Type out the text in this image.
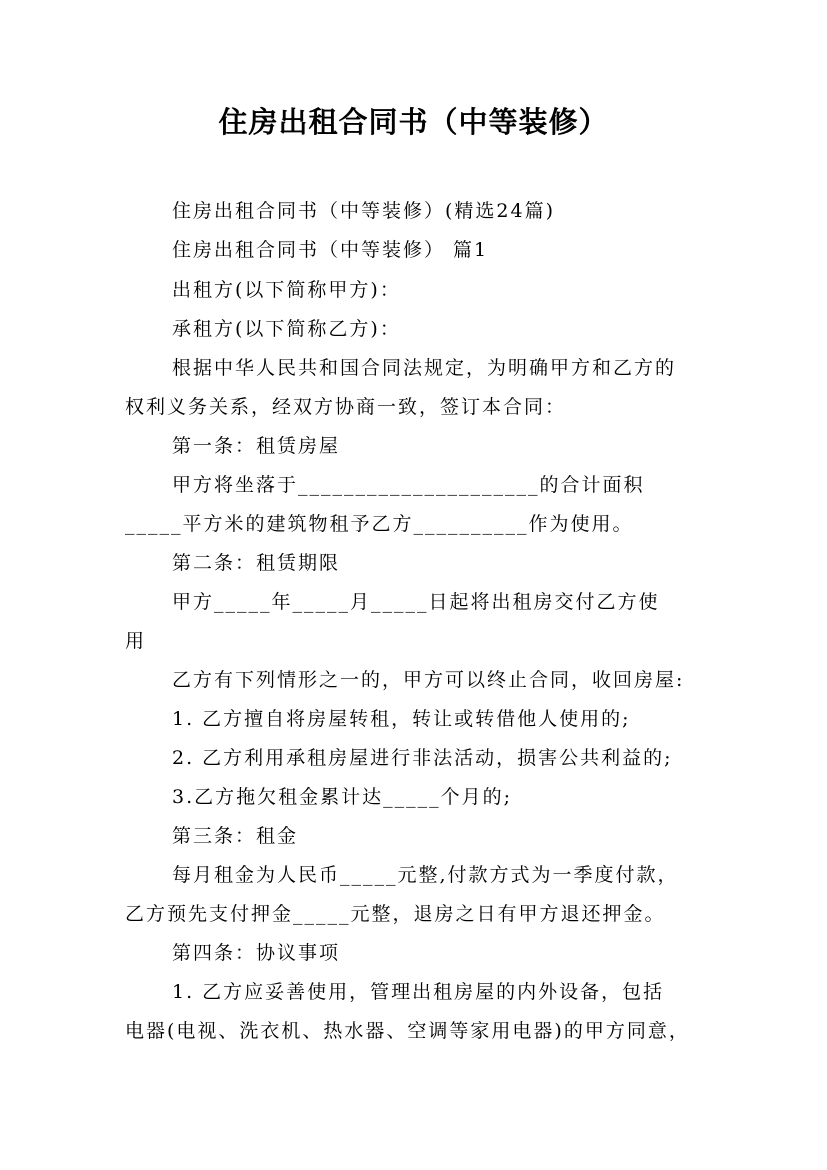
住房出租合同书（中等装修）
住房出租合同书（中等装修）(精选24篇)
住房出租合同书（中等装修） 篇1
出租方(以下简称甲方)：
承租方(以下简称乙方)：
根据中华人民共和国合同法规定，为明确甲方和乙方的
权利义务关系，经双方协商一致，签订本合同：
第一条：租赁房屋
甲方将坐落于_____________________的合计面积
_____平方米的建筑物租予乙方__________作为使用。
第二条：租赁期限
甲方_____年_____月_____日起将出租房交付乙方使
用
乙方有下列情形之一的，甲方可以终止合同，收回房屋:
1. 乙方擅自将房屋转租，转让或转借他人使用的;
2. 乙方利用承租房屋进行非法活动，损害公共利益的;
3.乙方拖欠租金累计达_____个月的;
第三条：租金
每月租金为人民币_____元整,付款方式为一季度付款，
乙方预先支付押金_____元整，退房之日有甲方退还押金。
第四条：协议事项
1. 乙方应妥善使用，管理出租房屋的内外设备，包括
电器(电视、洗衣机、热水器、空调等家用电器)的甲方同意，
